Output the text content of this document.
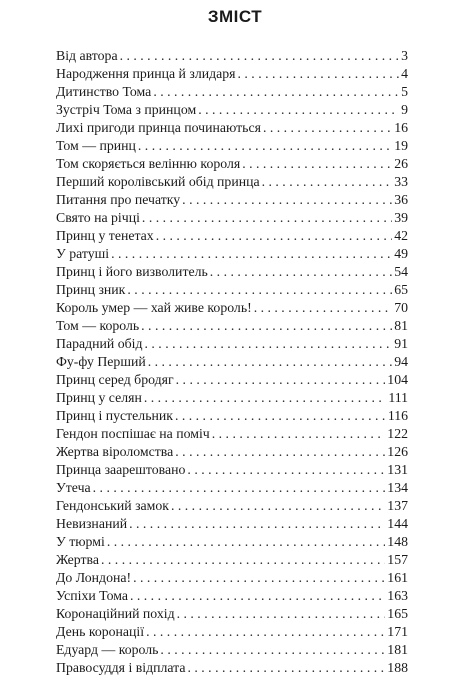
ЗМІСТ
Від автора . . .	3
Народження принца й злидаря . . .	4
Дитинство Тома . . .	5
Зустріч Тома з принцом . . .	9
Лихі пригоди принца починаються . . .	16
Том — принц . . .	19
Том скоряється велінню короля . . .	26
Перший королівський обід принца . . .	33
Питання про печатку . . .	36
Свято на річці . . .	39
Принц у тенетах . . .	42
У ратуші . . .	49
Принц і його визволитель . . .	54
Принц зник . . .	65
Король умер — хай живе король! . . .	70
Том — король . . .	81
Парадний обід . . .	91
Фу-фу Перший . . .	94
Принц серед бродяг . . .	104
Принц у селян . . .	111
Принц і пустельник . . .	116
Гендон поспішає на поміч . . .	122
Жертва віроломства . . .	126
Принца заарештовано . . .	131
Утеча . . .	134
Гендонський замок . . .	137
Невизнаний . . .	144
У тюрмі . . .	148
Жертва . . .	157
До Лондона! . . .	161
Успіхи Тома . . .	163
Коронаційний похід . . .	165
День коронації . . .	171
Едуард — король . . .	181
Правосуддя і відплата . . .	188
